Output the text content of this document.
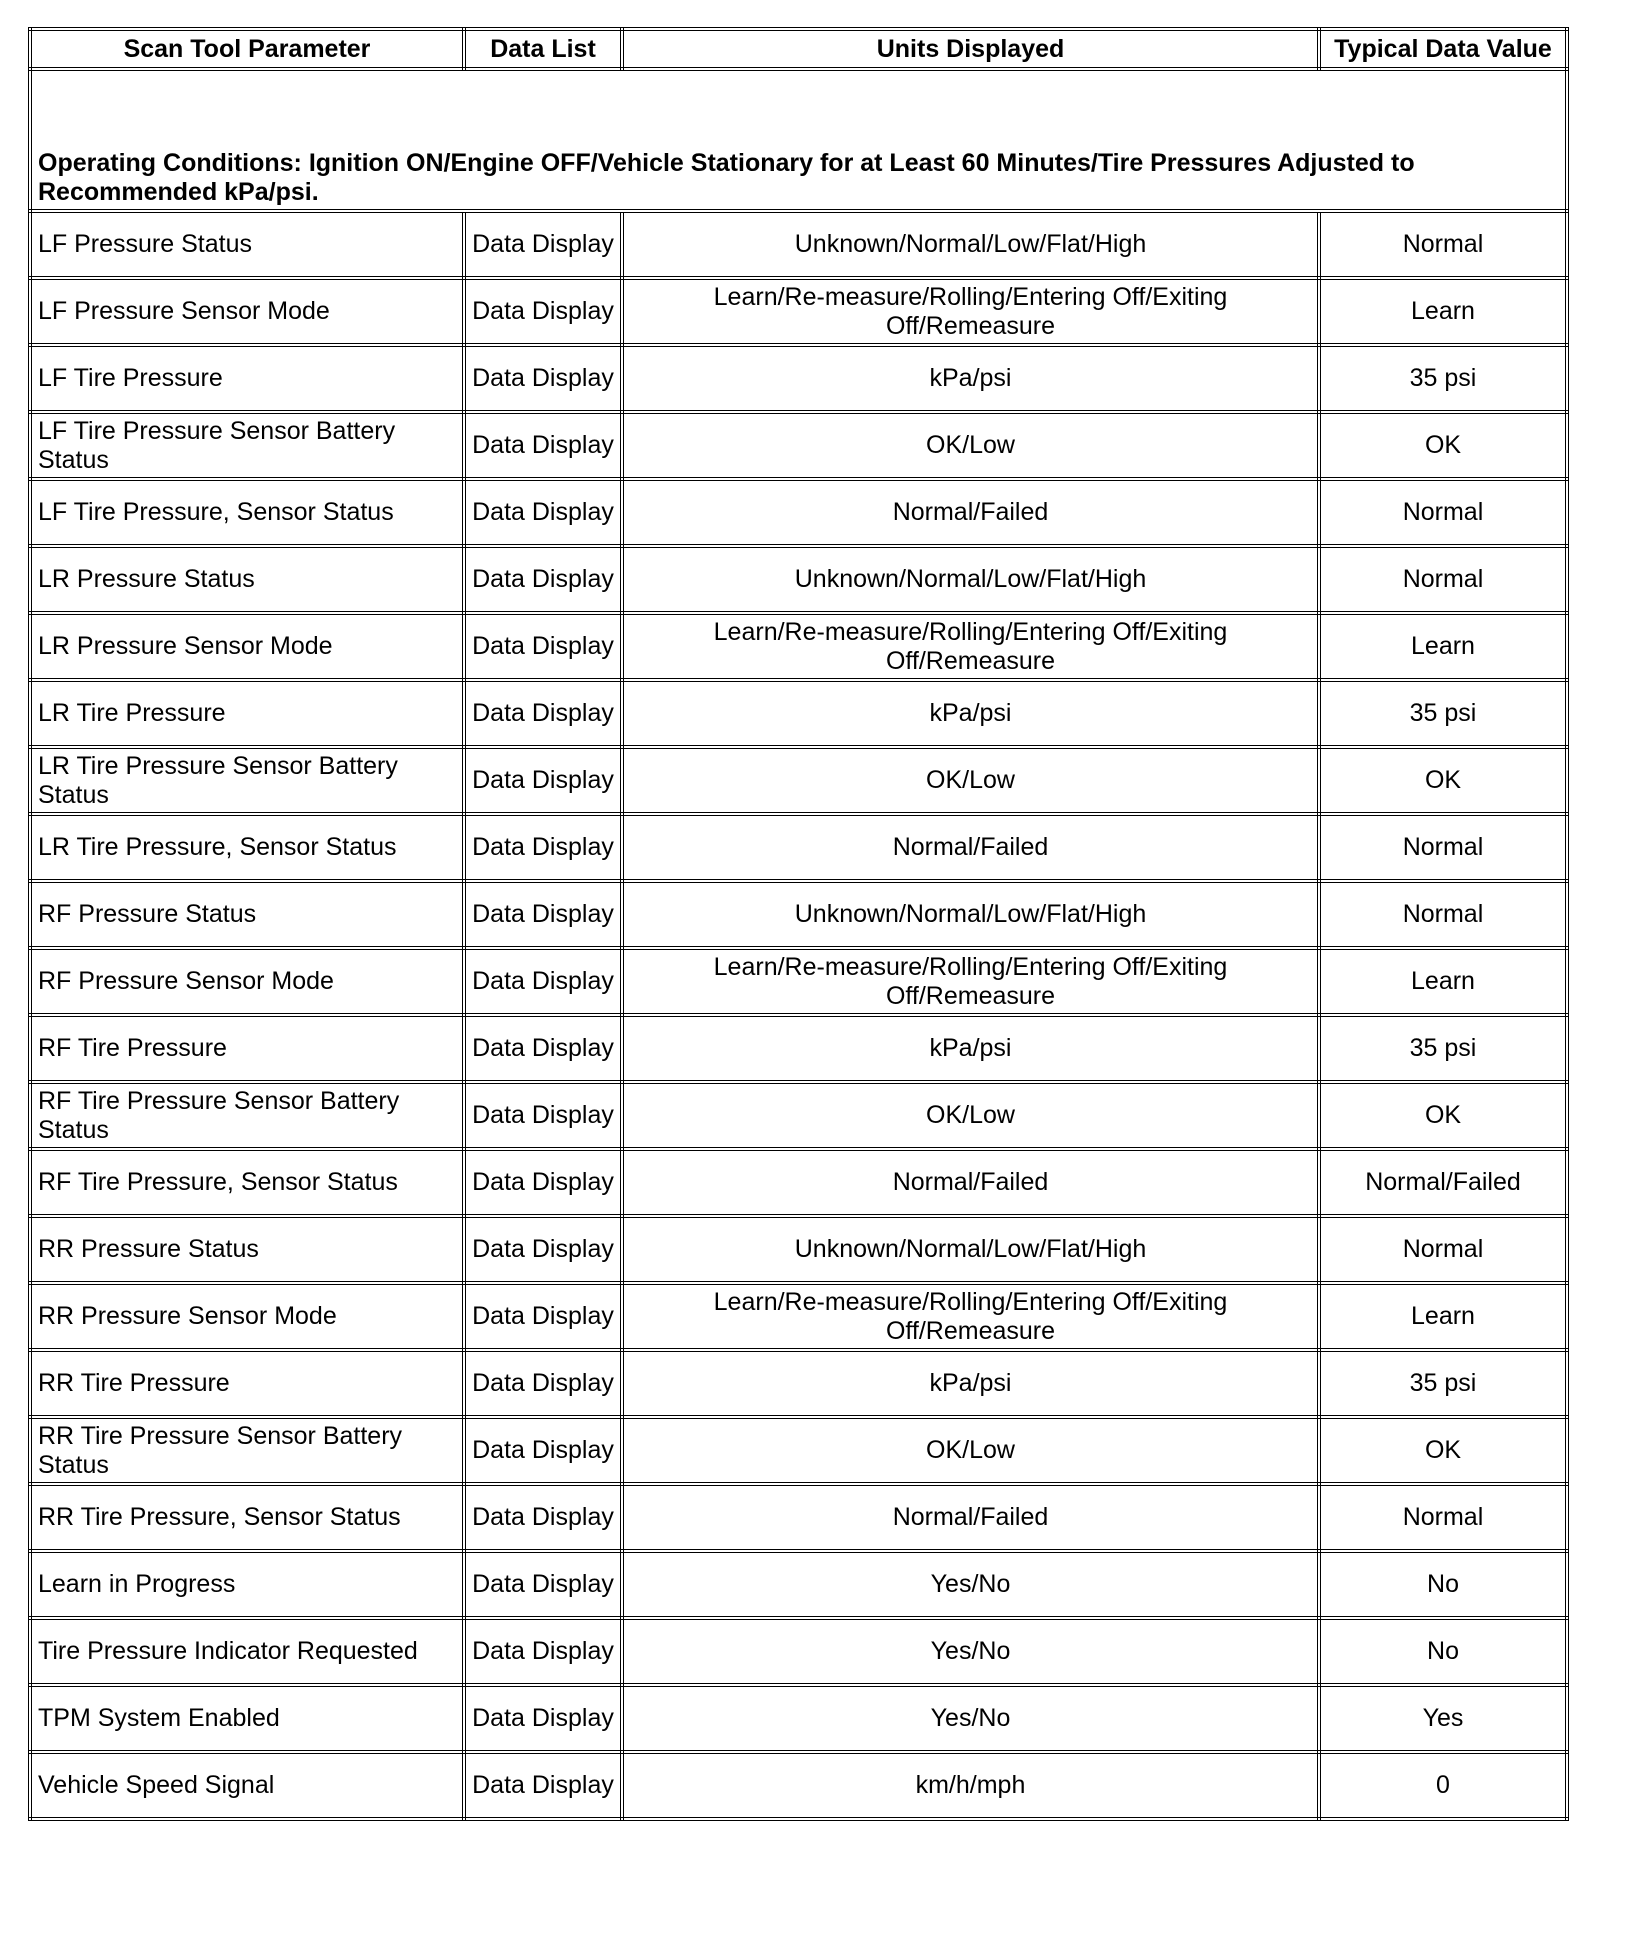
Scan Tool Parameter	Data List	Units Displayed	Typical Data Value
Operating Conditions: Ignition ON/Engine OFF/Vehicle Stationary for at Least 60 Minutes/Tire Pressures Adjusted to Recommended kPa/psi.			
LF Pressure Status	Data Display	Unknown/Normal/Low/Flat/High	Normal
LF Pressure Sensor Mode	Data Display	Learn/Re-measure/Rolling/Entering Off/Exiting Off/Remeasure	Learn
LF Tire Pressure	Data Display	kPa/psi	35 psi
LF Tire Pressure Sensor Battery Status	Data Display	OK/Low	OK
LF Tire Pressure, Sensor Status	Data Display	Normal/Failed	Normal
LR Pressure Status	Data Display	Unknown/Normal/Low/Flat/High	Normal
LR Pressure Sensor Mode	Data Display	Learn/Re-measure/Rolling/Entering Off/Exiting Off/Remeasure	Learn
LR Tire Pressure	Data Display	kPa/psi	35 psi
LR Tire Pressure Sensor Battery Status	Data Display	OK/Low	OK
LR Tire Pressure, Sensor Status	Data Display	Normal/Failed	Normal
RF Pressure Status	Data Display	Unknown/Normal/Low/Flat/High	Normal
RF Pressure Sensor Mode	Data Display	Learn/Re-measure/Rolling/Entering Off/Exiting Off/Remeasure	Learn
RF Tire Pressure	Data Display	kPa/psi	35 psi
RF Tire Pressure Sensor Battery Status	Data Display	OK/Low	OK
RF Tire Pressure, Sensor Status	Data Display	Normal/Failed	Normal/Failed
RR Pressure Status	Data Display	Unknown/Normal/Low/Flat/High	Normal
RR Pressure Sensor Mode	Data Display	Learn/Re-measure/Rolling/Entering Off/Exiting Off/Remeasure	Learn
RR Tire Pressure	Data Display	kPa/psi	35 psi
RR Tire Pressure Sensor Battery Status	Data Display	OK/Low	OK
RR Tire Pressure, Sensor Status	Data Display	Normal/Failed	Normal
Learn in Progress	Data Display	Yes/No	No
Tire Pressure Indicator Requested	Data Display	Yes/No	No
TPM System Enabled	Data Display	Yes/No	Yes
Vehicle Speed Signal	Data Display	km/h/mph	0
